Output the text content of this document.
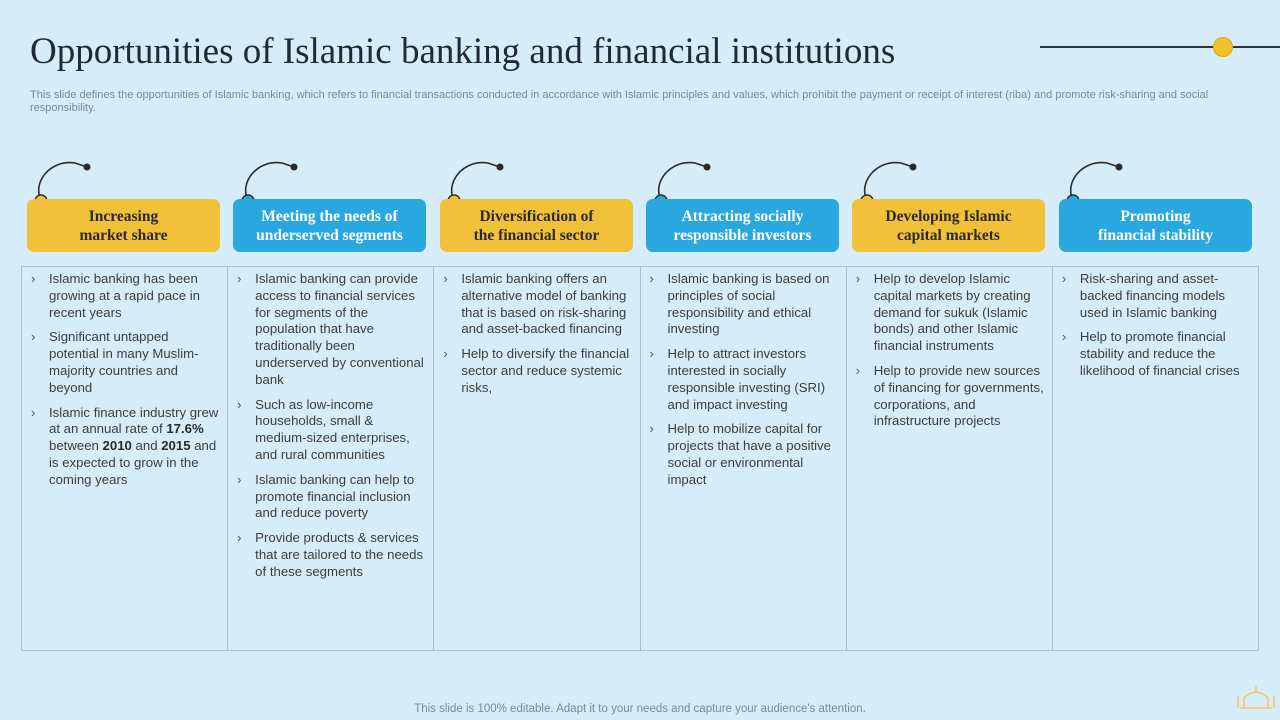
Opportunities of Islamic banking and financial institutions
This slide defines the opportunities of Islamic banking, which refers to financial transactions conducted in accordance with Islamic principles and values, which prohibit the payment or receipt of interest (riba) and promote risk-sharing and social responsibility.
Increasing
market share
Meeting the needs of
underserved segments
Diversification of
the financial sector
Attracting socially
responsible investors
Developing Islamic
capital markets
Promoting
financial stability
› Islamic banking has been growing at a rapid pace in recent years
› Significant untapped potential in many Muslim-majority countries and beyond
› Islamic finance industry grew at an annual rate of 17.6% between 2010 and 2015 and is expected to grow in the coming years
› Islamic banking can provide access to financial services for segments of the population that have traditionally been underserved by conventional bank
› Such as low-income households, small & medium-sized enterprises, and rural communities
› Islamic banking can help to promote financial inclusion and reduce poverty
› Provide products & services that are tailored to the needs of these segments
› Islamic banking offers an alternative model of banking that is based on risk-sharing and asset-backed financing
› Help to diversify the financial sector and reduce systemic risks,
› Islamic banking is based on principles of social responsibility and ethical investing
› Help to attract investors interested in socially responsible investing (SRI) and impact investing
› Help to mobilize capital for projects that have a positive social or environmental impact
› Help to develop Islamic capital markets by creating demand for sukuk (Islamic bonds) and other Islamic financial instruments
› Help to provide new sources of financing for governments, corporations, and infrastructure projects
› Risk-sharing and asset-backed financing models used in Islamic banking
› Help to promote financial stability and reduce the likelihood of financial crises
This slide is 100% editable. Adapt it to your needs and capture your audience's attention.
